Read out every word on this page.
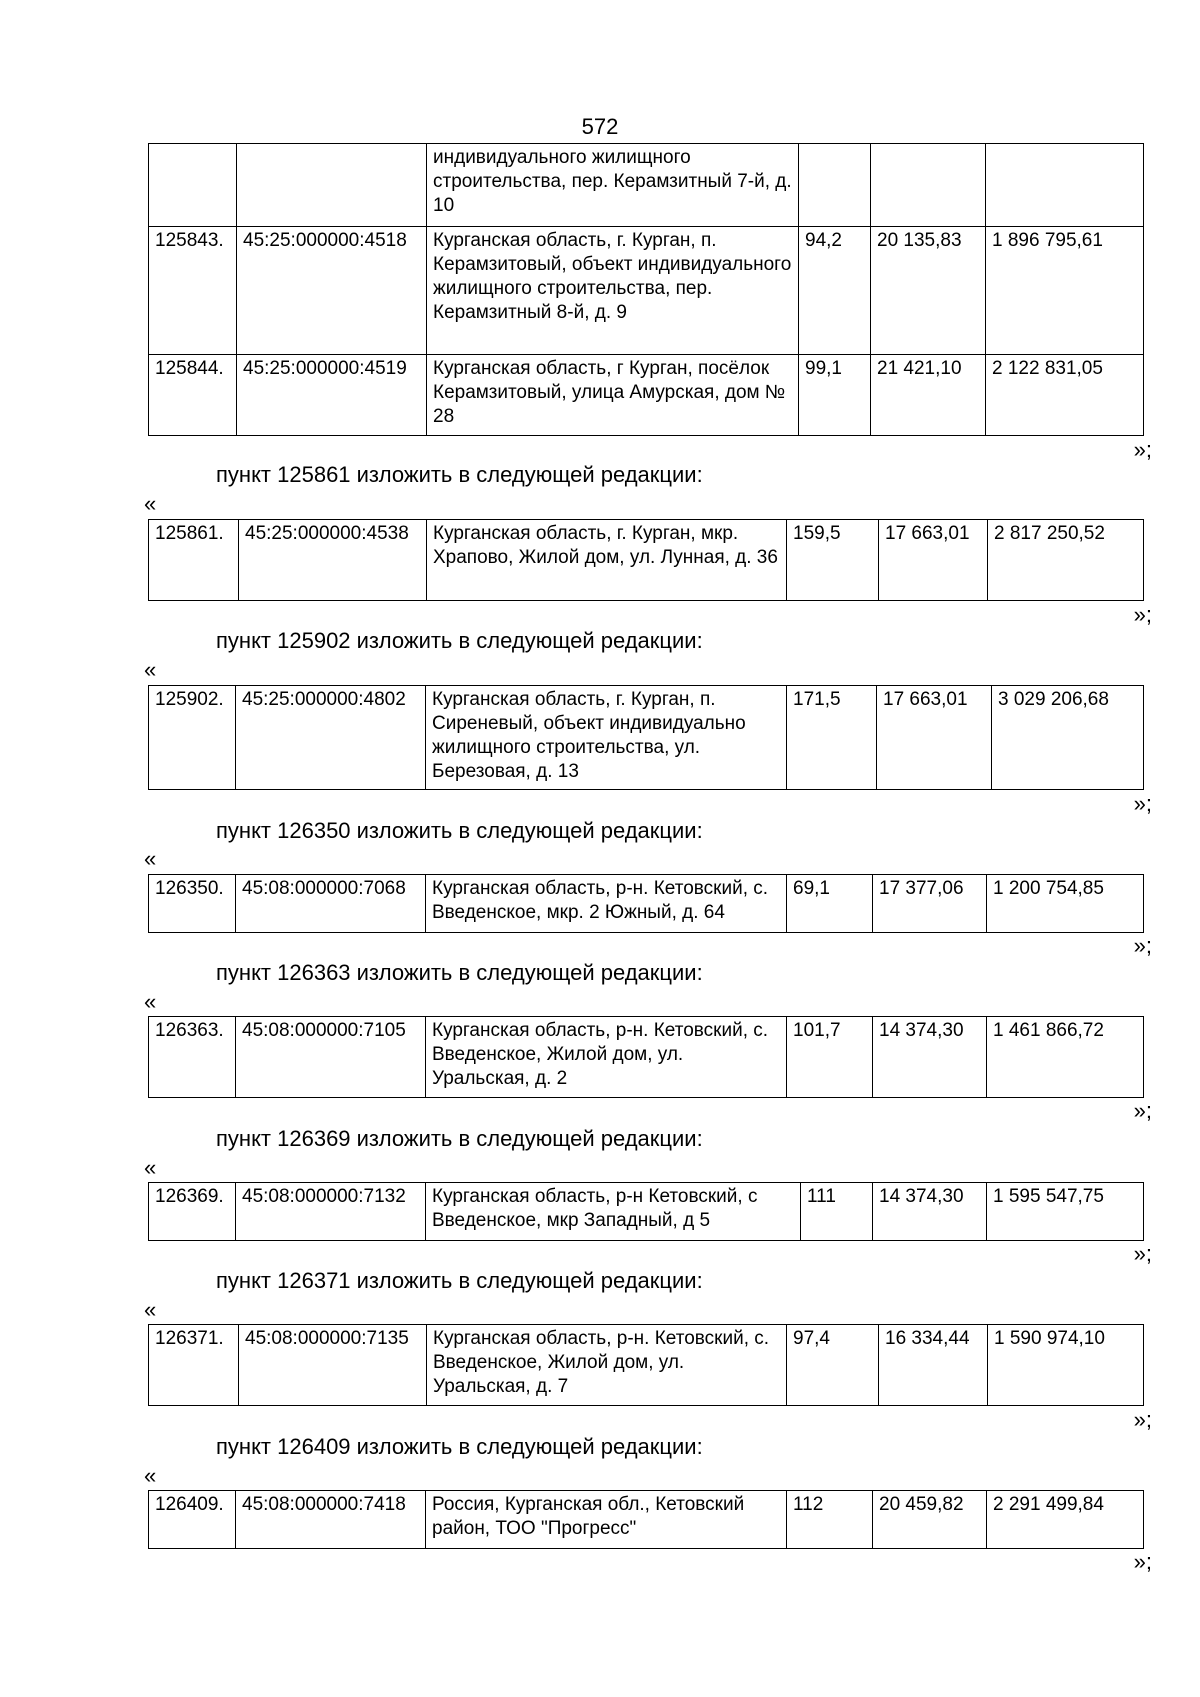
572
		индивидуального жилищного строительства, пер. Керамзитный 7-й, д. 10			
125843.	45:25:000000:4518	Курганская область, г. Курган, п. Керамзитовый, объект индивидуального жилищного строительства, пер. Керамзитный 8-й, д. 9	94,2	20 135,83	1 896 795,61
125844.	45:25:000000:4519	Курганская область, г Курган, посёлок Керамзитовый, улица Амурская, дом № 28	99,1	21 421,10	2 122 831,05
»;
пункт 125861 изложить в следующей редакции:
«
125861.	45:25:000000:4538	Курганская область, г. Курган, мкр. Храпово, Жилой дом, ул. Лунная, д. 36	159,5	17 663,01	2 817 250,52
»;
пункт 125902 изложить в следующей редакции:
«
125902.	45:25:000000:4802	Курганская область, г. Курган, п. Сиреневый, объект индивидуально жилищного строительства, ул. Березовая, д. 13	171,5	17 663,01	3 029 206,68
»;
пункт 126350 изложить в следующей редакции:
«
126350.	45:08:000000:7068	Курганская область, р-н. Кетовский, с. Введенское, мкр. 2 Южный, д. 64	69,1	17 377,06	1 200 754,85
»;
пункт 126363 изложить в следующей редакции:
«
126363.	45:08:000000:7105	Курганская область, р-н. Кетовский, с. Введенское, Жилой дом, ул. Уральская, д. 2	101,7	14 374,30	1 461 866,72
»;
пункт 126369 изложить в следующей редакции:
«
126369.	45:08:000000:7132	Курганская область, р-н Кетовский, с Введенское, мкр Западный, д 5	111	14 374,30	1 595 547,75
»;
пункт 126371 изложить в следующей редакции:
«
126371.	45:08:000000:7135	Курганская область, р-н. Кетовский, с. Введенское, Жилой дом, ул. Уральская, д. 7	97,4	16 334,44	1 590 974,10
»;
пункт 126409 изложить в следующей редакции:
«
126409.	45:08:000000:7418	Россия, Курганская обл., Кетовский район, ТОО "Прогресс"	112	20 459,82	2 291 499,84
»;
